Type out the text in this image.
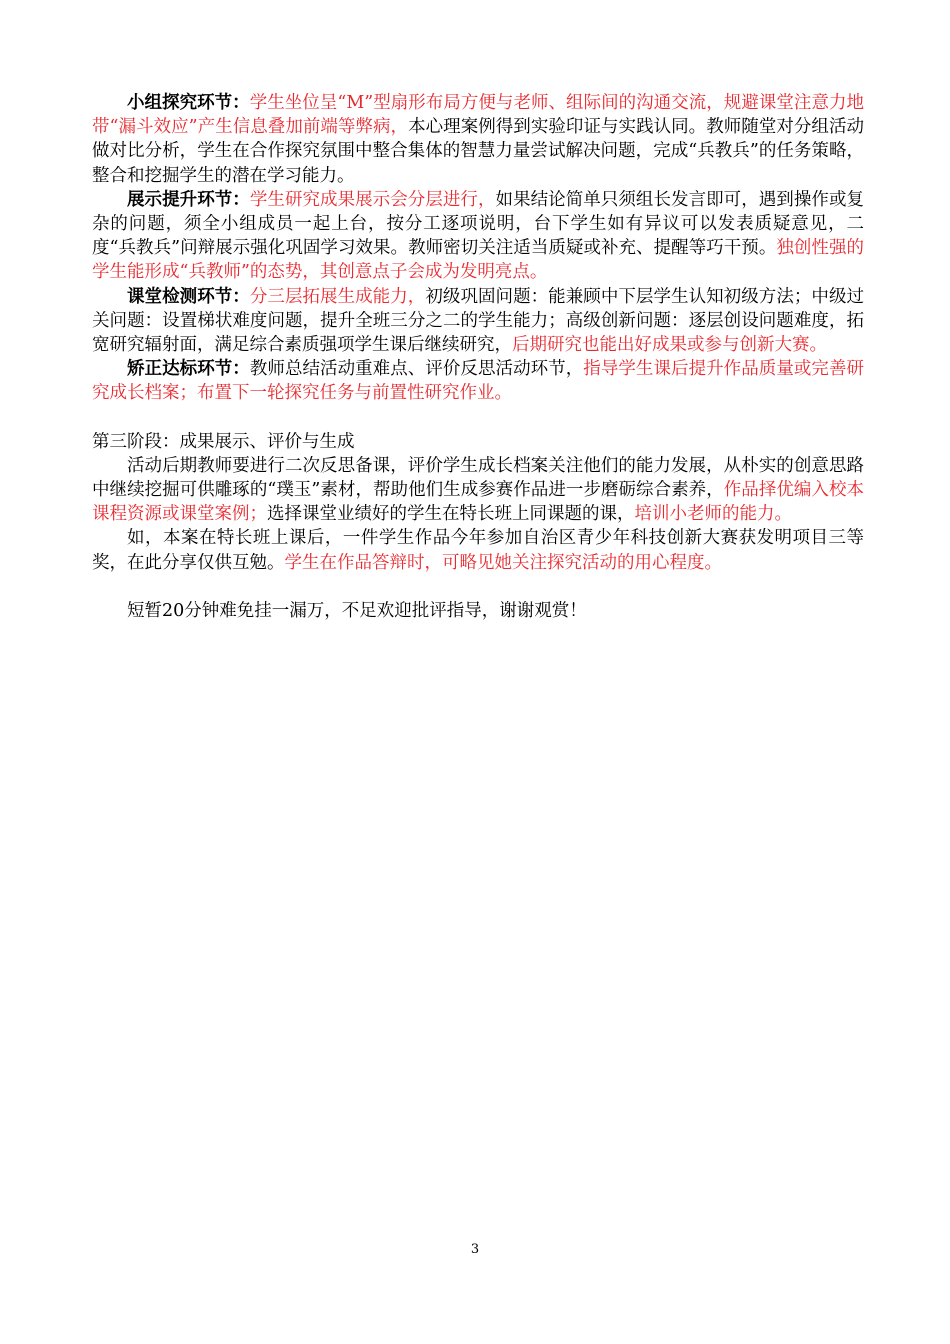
小组探究环节：学生坐位呈“M”型扇形布局方便与老师、组际间的沟通交流，规避课堂注意力地带“漏斗效应”产生信息叠加前端等弊病，本心理案例得到实验印证与实践认同。教师随堂对分组活动做对比分析，学生在合作探究氛围中整合集体的智慧力量尝试解决问题，完成“兵教兵”的任务策略，整合和挖掘学生的潜在学习能力。

展示提升环节：学生研究成果展示会分层进行，如果结论简单只须组长发言即可，遇到操作或复杂的问题，须全小组成员一起上台，按分工逐项说明，台下学生如有异议可以发表质疑意见，二度“兵教兵”问辩展示强化巩固学习效果。教师密切关注适当质疑或补充、提醒等巧干预。独创性强的学生能形成“兵教师”的态势，其创意点子会成为发明亮点。

课堂检测环节：分三层拓展生成能力，初级巩固问题：能兼顾中下层学生认知初级方法；中级过关问题：设置梯状难度问题，提升全班三分之二的学生能力；高级创新问题：逐层创设问题难度，拓宽研究辐射面，满足综合素质强项学生课后继续研究，后期研究也能出好成果或参与创新大赛。

矫正达标环节：教师总结活动重难点、评价反思活动环节，指导学生课后提升作品质量或完善研究成长档案；布置下一轮探究任务与前置性研究作业。

第三阶段：成果展示、评价与生成

活动后期教师要进行二次反思备课，评价学生成长档案关注他们的能力发展，从朴实的创意思路中继续挖掘可供雕琢的“璞玉”素材，帮助他们生成参赛作品进一步磨砺综合素养，作品择优编入校本课程资源或课堂案例；选择课堂业绩好的学生在特长班上同课题的课，培训小老师的能力。

如，本案在特长班上课后，一件学生作品今年参加自治区青少年科技创新大赛获发明项目三等奖，在此分享仅供互勉。学生在作品答辩时，可略见她关注探究活动的用心程度。

短暂20分钟难免挂一漏万，不足欢迎批评指导，谢谢观赏！

3
